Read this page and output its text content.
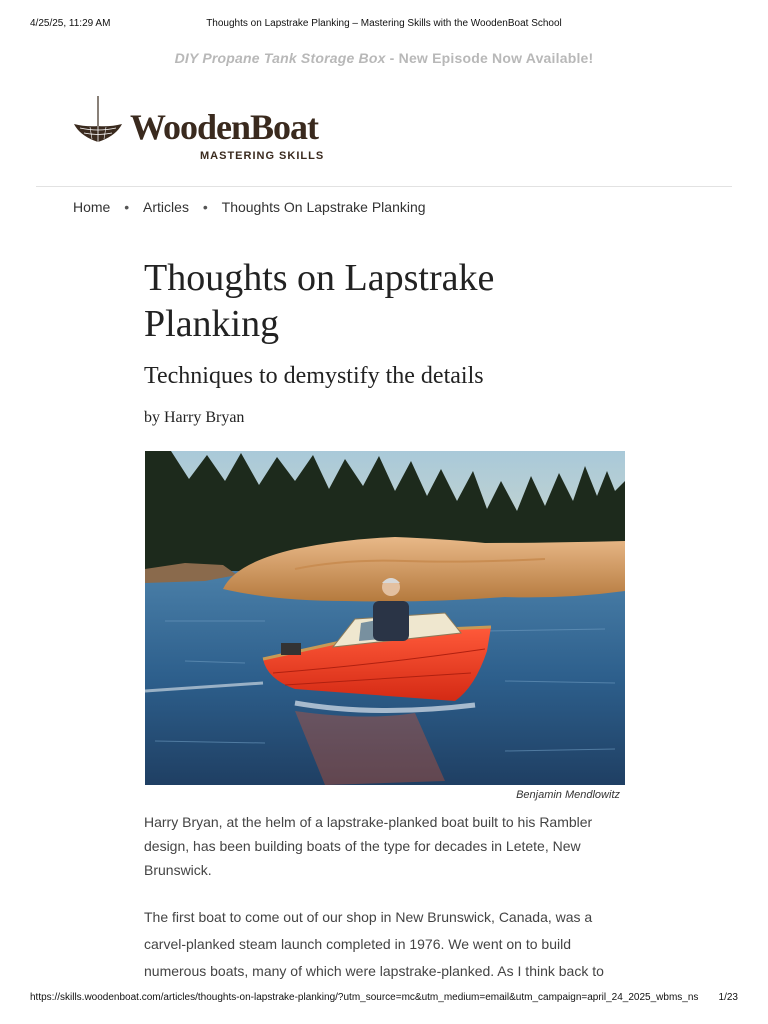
4/25/25, 11:29 AM	Thoughts on Lapstrake Planking – Mastering Skills with the WoodenBoat School
DIY Propane Tank Storage Box - New Episode Now Available!
WoodenBoat
MASTERING SKILLS
Home • Articles • Thoughts On Lapstrake Planking
Thoughts on Lapstrake Planking
Techniques to demystify the details
by Harry Bryan
Benjamin Mendlowitz

Harry Bryan, at the helm of a lapstrake-planked boat built to his Rambler design, has been building boats of the type for decades in Letete, New Brunswick.

The first boat to come out of our shop in New Brunswick, Canada, was a carvel-planked steam launch completed in 1976. We went on to build numerous boats, many of which were lapstrake-planked. As I think back to

https://skills.woodenboat.com/articles/thoughts-on-lapstrake-planking/?utm_source=mc&utm_medium=email&utm_campaign=april_24_2025_wbms_ns 1/23
